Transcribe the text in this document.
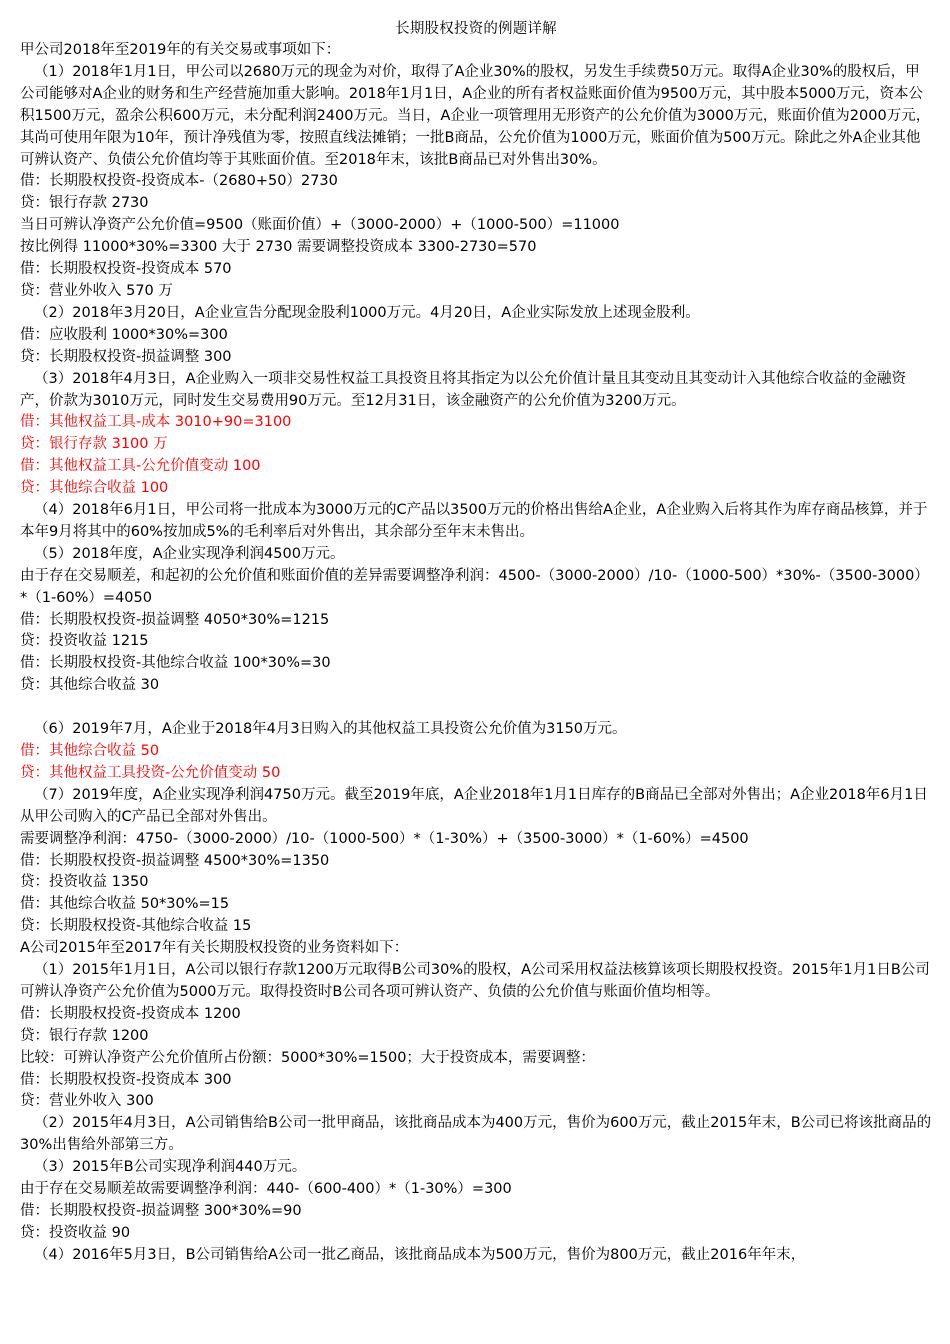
长期股权投资的例题详解
甲公司2018年至2019年的有关交易或事项如下：
（1）2018年1月1日，甲公司以2680万元的现金为对价，取得了A企业30%的股权，另发生手续费50万元。取得A企业30%的股权后，甲公司能够对A企业的财务和生产经营施加重大影响。2018年1月1日，A企业的所有者权益账面价值为9500万元，其中股本5000万元，资本公积1500万元，盈余公积600万元，未分配利润2400万元。当日，A企业一项管理用无形资产的公允价值为3000万元，账面价值为2000万元，其尚可使用年限为10年，预计净残值为零，按照直线法摊销；一批B商品，公允价值为1000万元，账面价值为500万元。除此之外A企业其他可辨认资产、负债公允价值均等于其账面价值。至2018年末，该批B商品已对外售出30%。
借：长期股权投资-投资成本-（2680+50）2730
贷：银行存款 2730
当日可辨认净资产公允价值=9500（账面价值）+（3000-2000）+（1000-500）=11000
按比例得 11000*30%=3300 大于 2730 需要调整投资成本 3300-2730=570
借：长期股权投资-投资成本 570
贷：营业外收入 570 万
（2）2018年3月20日，A企业宣告分配现金股利1000万元。4月20日，A企业实际发放上述现金股利。
借：应收股利 1000*30%=300
贷：长期股权投资-损益调整 300
（3）2018年4月3日，A企业购入一项非交易性权益工具投资且将其指定为以公允价值计量且其变动且其变动计入其他综合收益的金融资产，价款为3010万元，同时发生交易费用90万元。至12月31日，该金融资产的公允价值为3200万元。
借：其他权益工具-成本 3010+90=3100
贷：银行存款 3100 万
借：其他权益工具-公允价值变动 100
贷：其他综合收益 100
（4）2018年6月1日，甲公司将一批成本为3000万元的C产品以3500万元的价格出售给A企业，A企业购入后将其作为库存商品核算，并于本年9月将其中的60%按加成5%的毛利率后对外售出，其余部分至年末未售出。
（5）2018年度，A企业实现净利润4500万元。
由于存在交易顺差，和起初的公允价值和账面价值的差异需要调整净利润：4500-（3000-2000）/10-（1000-500）*30%-（3500-3000）*（1-60%）=4050
借：长期股权投资-损益调整 4050*30%=1215
贷：投资收益 1215
借：长期股权投资-其他综合收益 100*30%=30
贷：其他综合收益 30
（6）2019年7月，A企业于2018年4月3日购入的其他权益工具投资公允价值为3150万元。
借：其他综合收益 50
贷：其他权益工具投资-公允价值变动 50
（7）2019年度，A企业实现净利润4750万元。截至2019年底，A企业2018年1月1日库存的B商品已全部对外售出；A企业2018年6月1日从甲公司购入的C产品已全部对外售出。
需要调整净利润：4750-（3000-2000）/10-（1000-500）*（1-30%）+（3500-3000）*（1-60%）=4500
借：长期股权投资-损益调整 4500*30%=1350
贷：投资收益 1350
借：其他综合收益 50*30%=15
贷：长期股权投资-其他综合收益 15
A公司2015年至2017年有关长期股权投资的业务资料如下：
（1）2015年1月1日，A公司以银行存款1200万元取得B公司30%的股权，A公司采用权益法核算该项长期股权投资。2015年1月1日B公司可辨认净资产公允价值为5000万元。取得投资时B公司各项可辨认资产、负债的公允价值与账面价值均相等。
借：长期股权投资-投资成本 1200
贷：银行存款 1200
比较：可辨认净资产公允价值所占份额：5000*30%=1500；大于投资成本，需要调整：
借：长期股权投资-投资成本 300
贷：营业外收入 300
（2）2015年4月3日，A公司销售给B公司一批甲商品，该批商品成本为400万元，售价为600万元，截止2015年末，B公司已将该批商品的30%出售给外部第三方。
（3）2015年B公司实现净利润440万元。
由于存在交易顺差故需要调整净利润：440-（600-400）*（1-30%）=300
借：长期股权投资-损益调整 300*30%=90
贷：投资收益 90
（4）2016年5月3日，B公司销售给A公司一批乙商品，该批商品成本为500万元，售价为800万元，截止2016年年末，
